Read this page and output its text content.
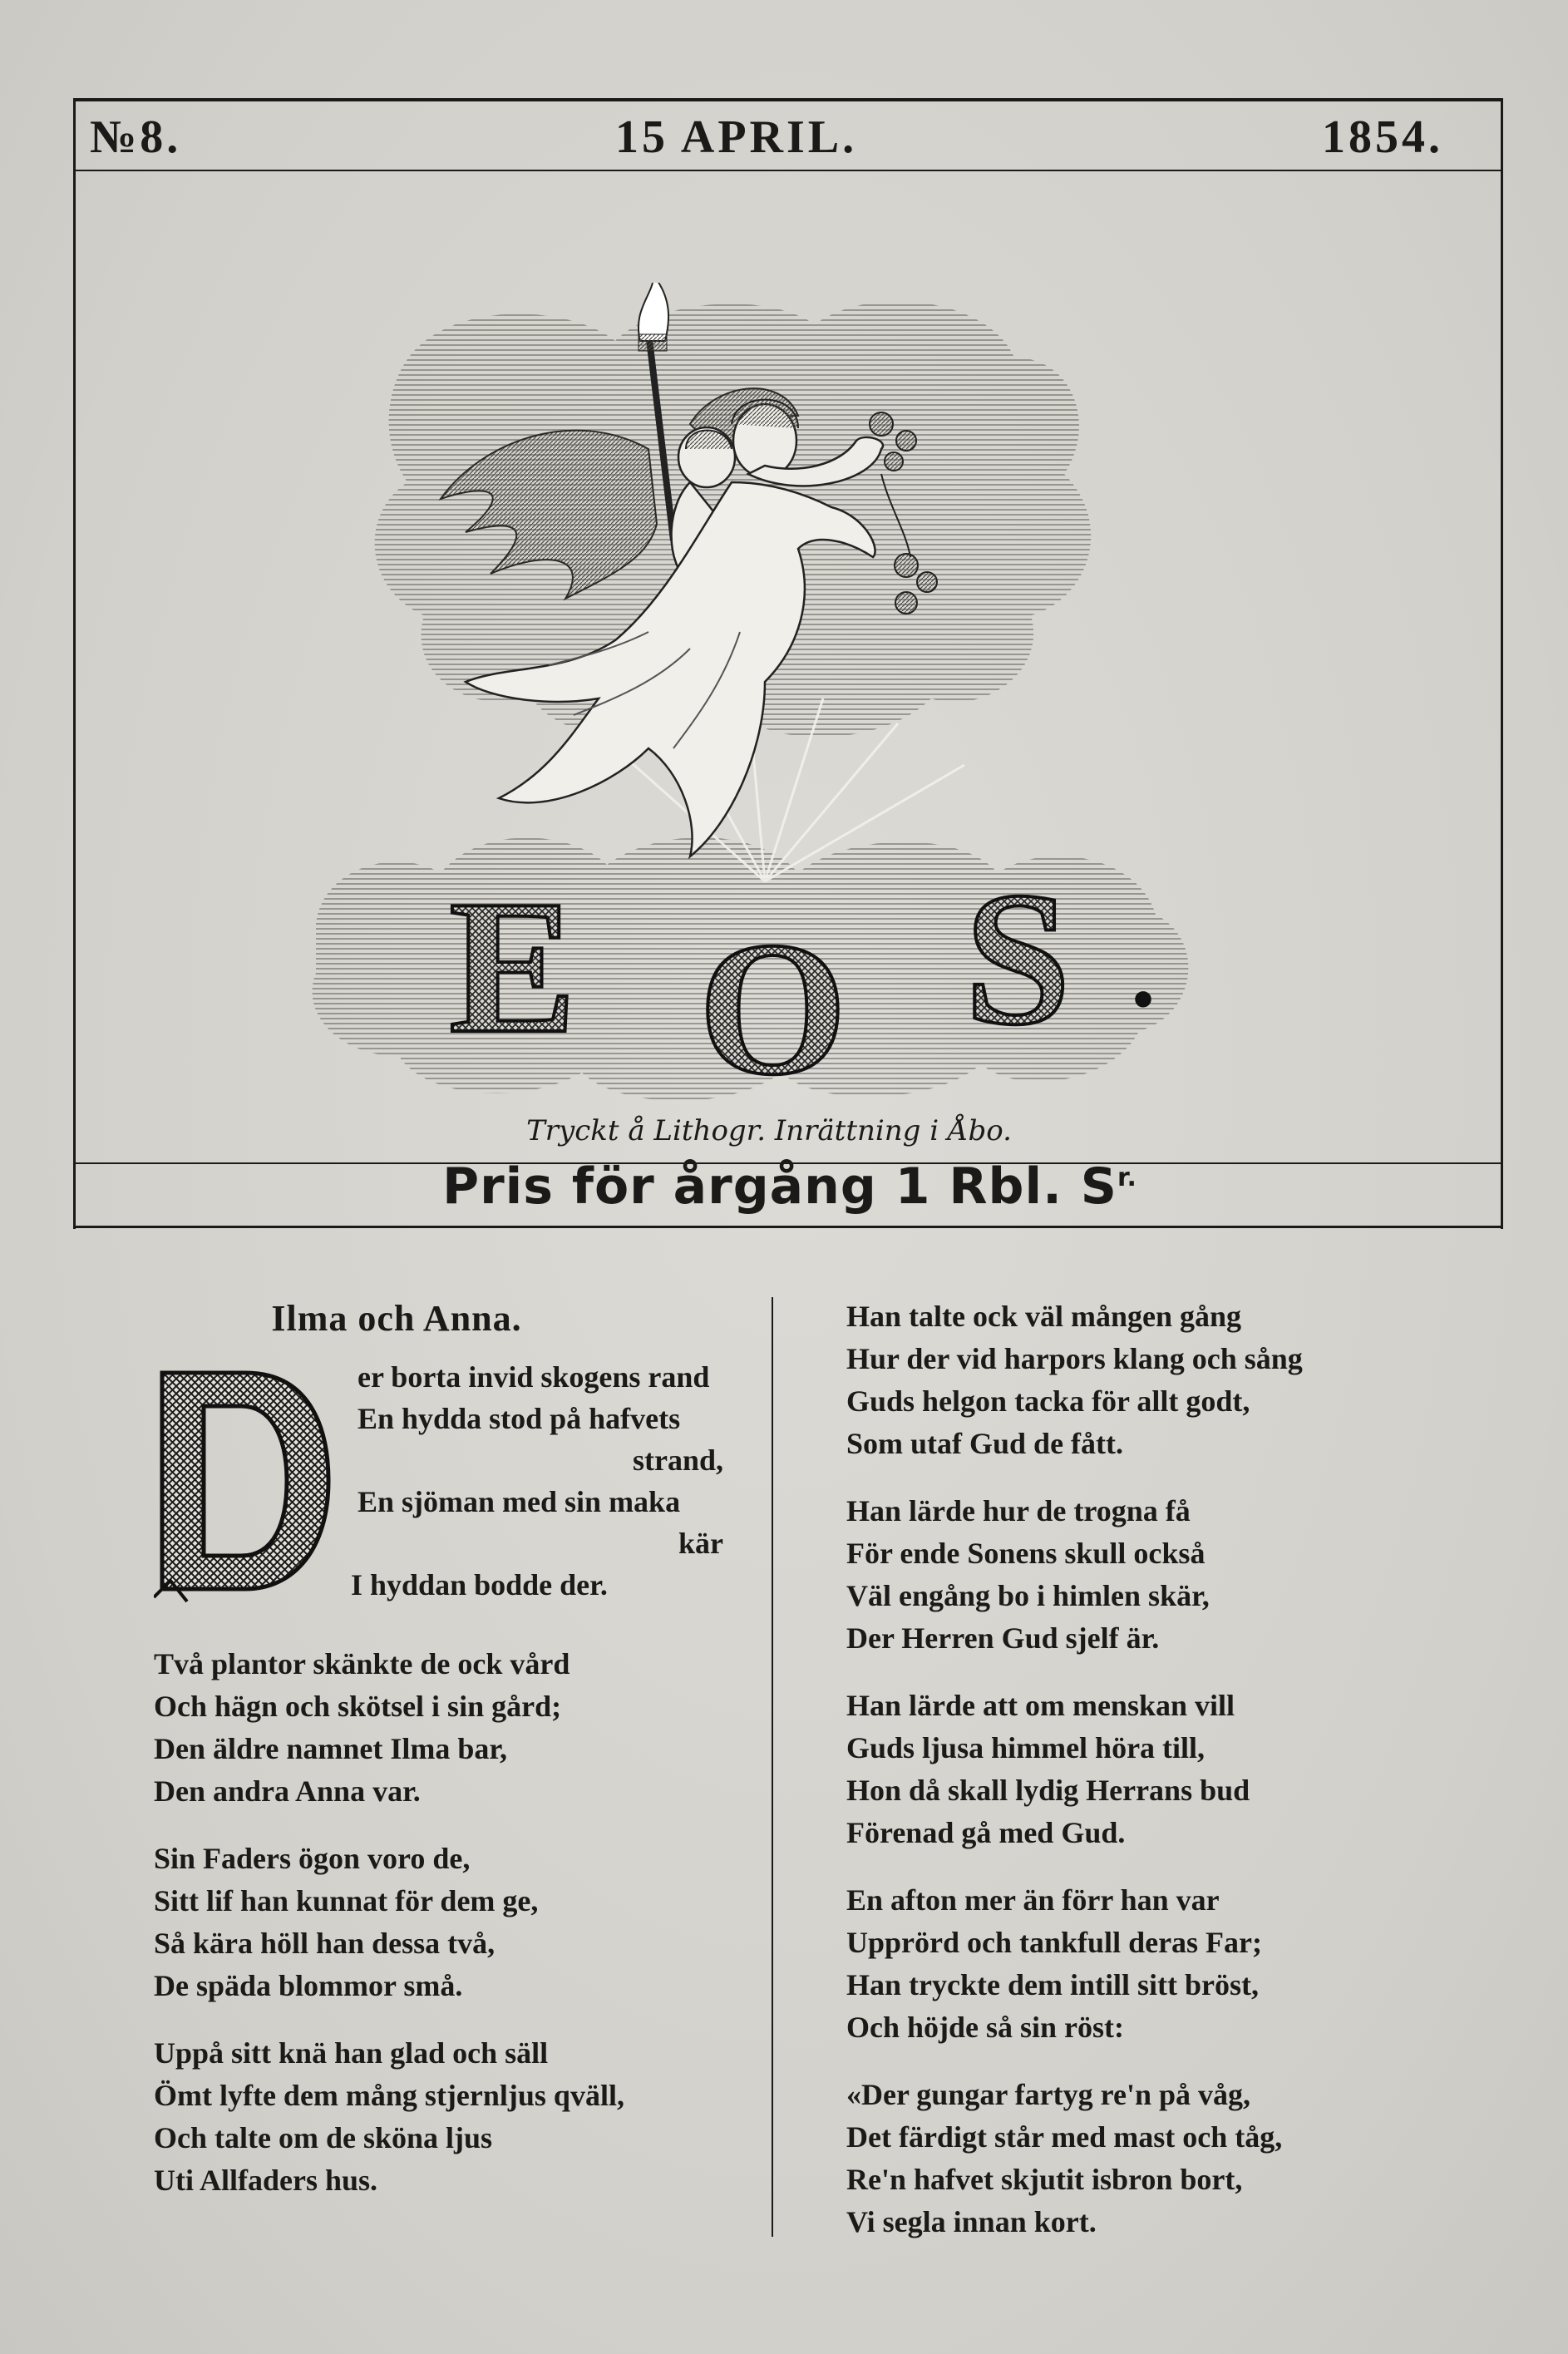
№8.	15 APRIL.	1854.
E O S .
Tryckt å Lithogr. Inrättning i Åbo.
Pris för årgång 1 Rbl. $S^{r.}$
Ilma och Anna.
er borta invid skogens rand
En hydda stod på hafvets
strand,
En sjöman med sin maka
kär
I hyddan bodde der.
Två plantor skänkte de ock vård
Och hägn och skötsel i sin gård;
Den äldre namnet Ilma bar,
Den andra Anna var.
Sin Faders ögon voro de,
Sitt lif han kunnat för dem ge,
Så kära höll han dessa två,
De späda blommor små.
Uppå sitt knä han glad och säll
Ömt lyfte dem mång stjernljus qväll,
Och talte om de sköna ljus
Uti Allfaders hus.
Han talte ock väl mången gång
Hur der vid harpors klang och sång
Guds helgon tacka för allt godt,
Som utaf Gud de fått.
Han lärde hur de trogna få
För ende Sonens skull också
Väl engång bo i himlen skär,
Der Herren Gud sjelf är.
Han lärde att om menskan vill
Guds ljusa himmel höra till,
Hon då skall lydig Herrans bud
Förenad gå med Gud.
En afton mer än förr han var
Upprörd och tankfull deras Far;
Han tryckte dem intill sitt bröst,
Och höjde så sin röst:
«Der gungar fartyg re'n på våg,
Det färdigt står med mast och tåg,
Re'n hafvet skjutit isbron bort,
Vi segla innan kort.
